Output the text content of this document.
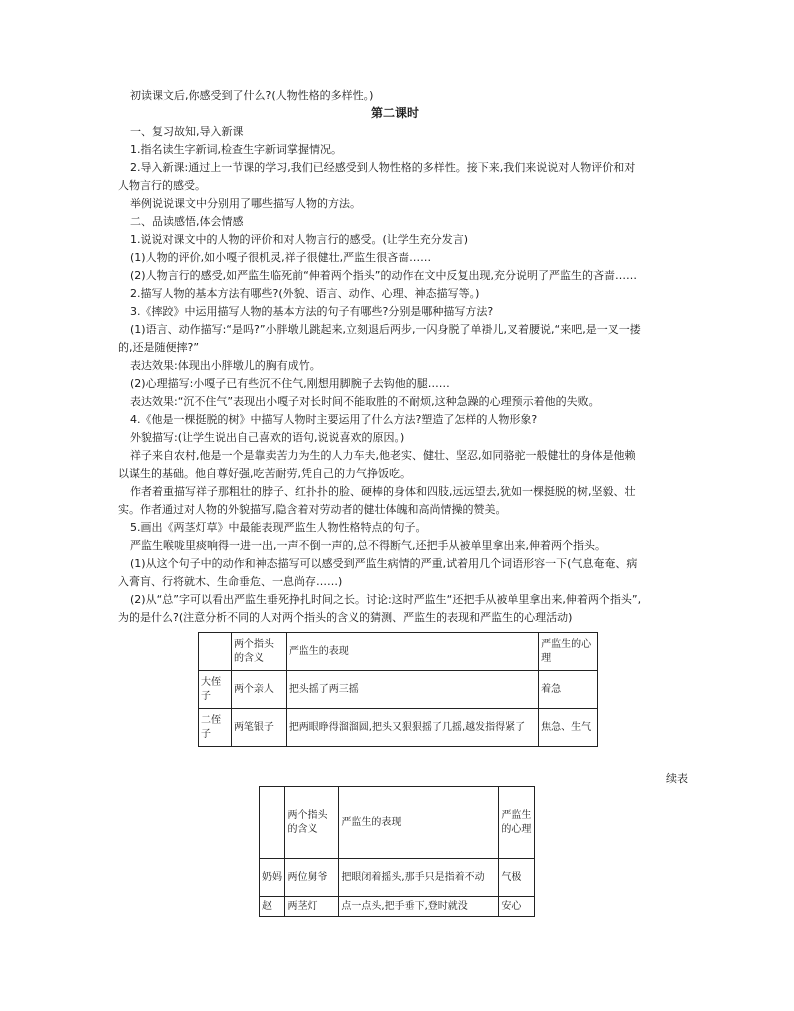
初读课文后,你感受到了什么?(人物性格的多样性。)
第二课时
一、复习故知,导入新课
1.指名读生字新词,检查生字新词掌握情况。
2.导入新课:通过上一节课的学习,我们已经感受到人物性格的多样性。接下来,我们来说说对人物评价和对
人物言行的感受。
举例说说课文中分别用了哪些描写人物的方法。
二、品读感悟,体会情感
1.说说对课文中的人物的评价和对人物言行的感受。(让学生充分发言)
(1)人物的评价,如小嘎子很机灵,祥子很健壮,严监生很吝啬……
(2)人物言行的感受,如严监生临死前“伸着两个指头”的动作在文中反复出现,充分说明了严监生的吝啬……
2.描写人物的基本方法有哪些?(外貌、语言、动作、心理、神态描写等。)
3.《摔跤》中运用描写人物的基本方法的句子有哪些?分别是哪种描写方法?
(1)语言、动作描写:“是吗?”小胖墩儿跳起来,立刻退后两步,一闪身脱了单褂儿,叉着腰说,“来吧,是一叉一搂
的,还是随便摔?”
表达效果:体现出小胖墩儿的胸有成竹。
(2)心理描写:小嘎子已有些沉不住气,刚想用脚腕子去钩他的腿……
表达效果:“沉不住气”表现出小嘎子对长时间不能取胜的不耐烦,这种急躁的心理预示着他的失败。
4.《他是一棵挺脱的树》中描写人物时主要运用了什么方法?塑造了怎样的人物形象?
外貌描写:(让学生说出自己喜欢的语句,说说喜欢的原因。)
祥子来自农村,他是一个是靠卖苦力为生的人力车夫,他老实、健壮、坚忍,如同骆驼一般健壮的身体是他赖
以谋生的基础。他自尊好强,吃苦耐劳,凭自己的力气挣饭吃。
作者着重描写祥子那粗壮的脖子、红扑扑的脸、硬棒的身体和四肢,远远望去,犹如一棵挺脱的树,坚毅、壮
实。作者通过对人物的外貌描写,隐含着对劳动者的健壮体魄和高尚情操的赞美。
5.画出《两茎灯草》中最能表现严监生人物性格特点的句子。
严监生喉咙里痰响得一进一出,一声不倒一声的,总不得断气,还把手从被单里拿出来,伸着两个指头。
(1)从这个句子中的动作和神态描写可以感受到严监生病情的严重,试着用几个词语形容一下(气息奄奄、病
入膏肓、行将就木、生命垂危、一息尚存……)
(2)从“总”字可以看出严监生垂死挣扎时间之长。讨论:这时严监生“还把手从被单里拿出来,伸着两个指头”,
为的是什么?(注意分析不同的人对两个指头的含义的猜测、严监生的表现和严监生的心理活动)
	两个指头的含义	严监生的表现	严监生的心理
大侄子	两个亲人	把头摇了两三摇	着急
二侄子	两笔银子	把两眼睁得溜溜圆,把头又狠狠摇了几摇,越发指得紧了	焦急、生气
续表
	两个指头的含义	严监生的表现	严监生的心理
奶妈	两位舅爷	把眼闭着摇头,那手只是指着不动	气极
赵	两茎灯	点一点头,把手垂下,登时就没	安心
